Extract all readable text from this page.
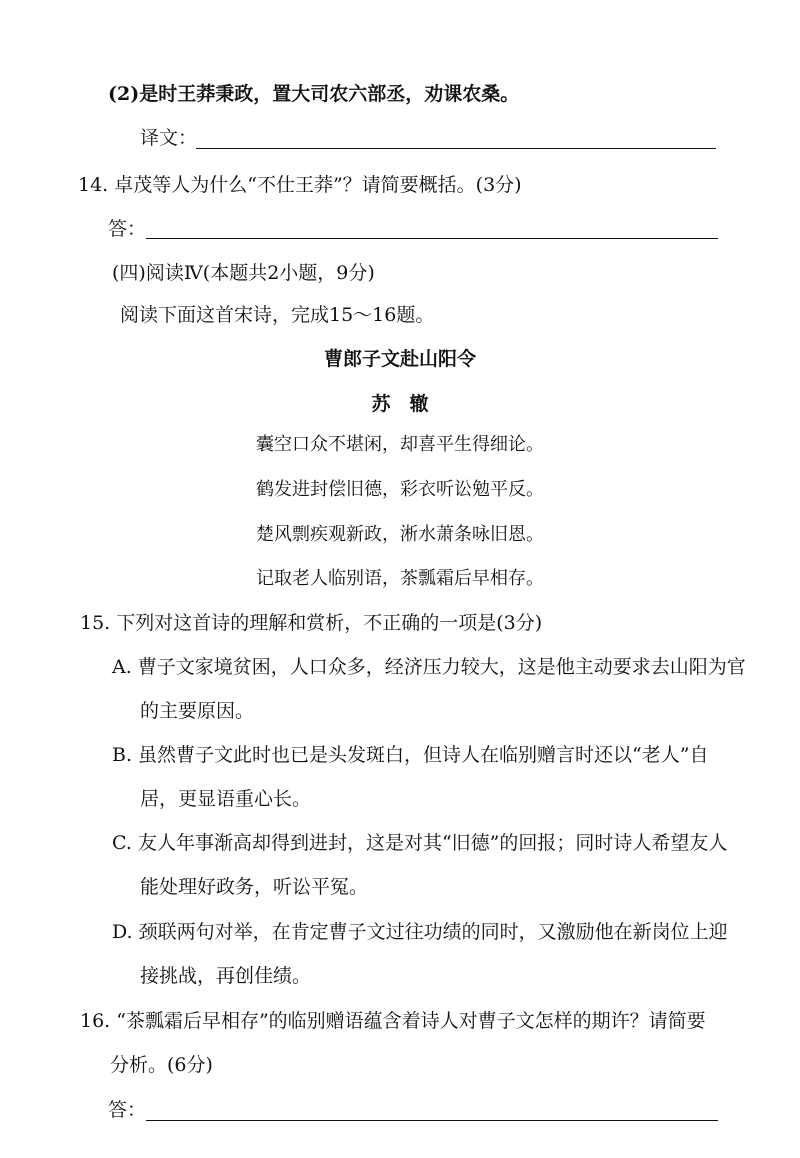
(2)是时王莽秉政，置大司农六部丞，劝课农桑。
译文：
14. 卓茂等人为什么“不仕王莽”？请简要概括。(3分)
答：
(四)阅读Ⅳ(本题共2小题，9分)
阅读下面这首宋诗，完成15～16题。
曹郎子文赴山阳令
苏　辙
囊空口众不堪闲，却喜平生得细论。
鹤发进封偿旧德，彩衣听讼勉平反。
楚风剽疾观新政，淅水萧条咏旧恩。
记取老人临别语，茶瓢霜后早相存。
15. 下列对这首诗的理解和赏析，不正确的一项是(3分)
A. 曹子文家境贫困，人口众多，经济压力较大，这是他主动要求去山阳为官
的主要原因。
B. 虽然曹子文此时也已是头发斑白，但诗人在临别赠言时还以“老人”自
居，更显语重心长。
C. 友人年事渐高却得到进封，这是对其“旧德”的回报；同时诗人希望友人
能处理好政务，听讼平冤。
D. 颈联两句对举，在肯定曹子文过往功绩的同时，又激励他在新岗位上迎
接挑战，再创佳绩。
16. “茶瓢霜后早相存”的临别赠语蕴含着诗人对曹子文怎样的期许？请简要
分析。(6分)
答：
